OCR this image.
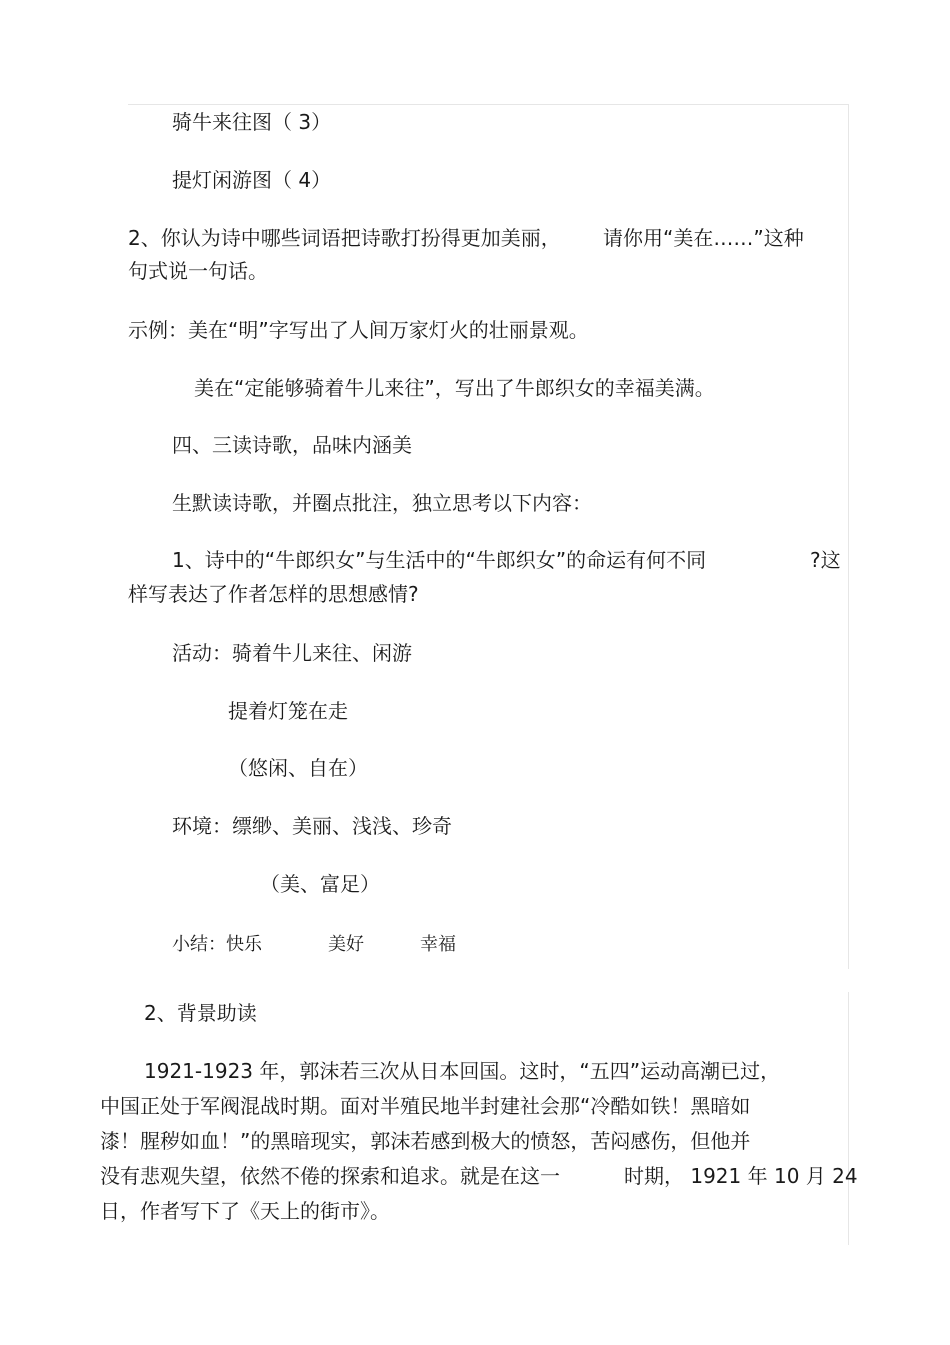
骑牛来往图（ 3）
提灯闲游图（ 4）
2、你认为诗中哪些词语把诗歌打扮得更加美丽， 请你用“美在……”这种
句式说一句话。
示例：美在“明”字写出了人间万家灯火的壮丽景观。
美在“定能够骑着牛儿来往”，写出了牛郎织女的幸福美满。
四、三读诗歌，品味内涵美
生默读诗歌，并圈点批注，独立思考以下内容：
1、诗中的“牛郎织女”与生活中的“牛郎织女”的命运有何不同	?这
样写表达了作者怎样的思想感情?
活动：骑着牛儿来往、闲游
提着灯笼在走
（悠闲、自在）
环境：缥缈、美丽、浅浅、珍奇
（美、富足）
小结：快乐	美好	幸福
2、背景助读
1921-1923 年，郭沫若三次从日本回国。这时，“五四”运动高潮已过，
中国正处于军阀混战时期。面对半殖民地半封建社会那“冷酷如铁！黑暗如
漆！腥秽如血！”的黑暗现实，郭沫若感到极大的愤怒，苦闷感伤，但他并
没有悲观失望，依然不倦的探索和追求。就是在这一	时期， 1921 年 10 月 24
日，作者写下了《天上的街市》。
